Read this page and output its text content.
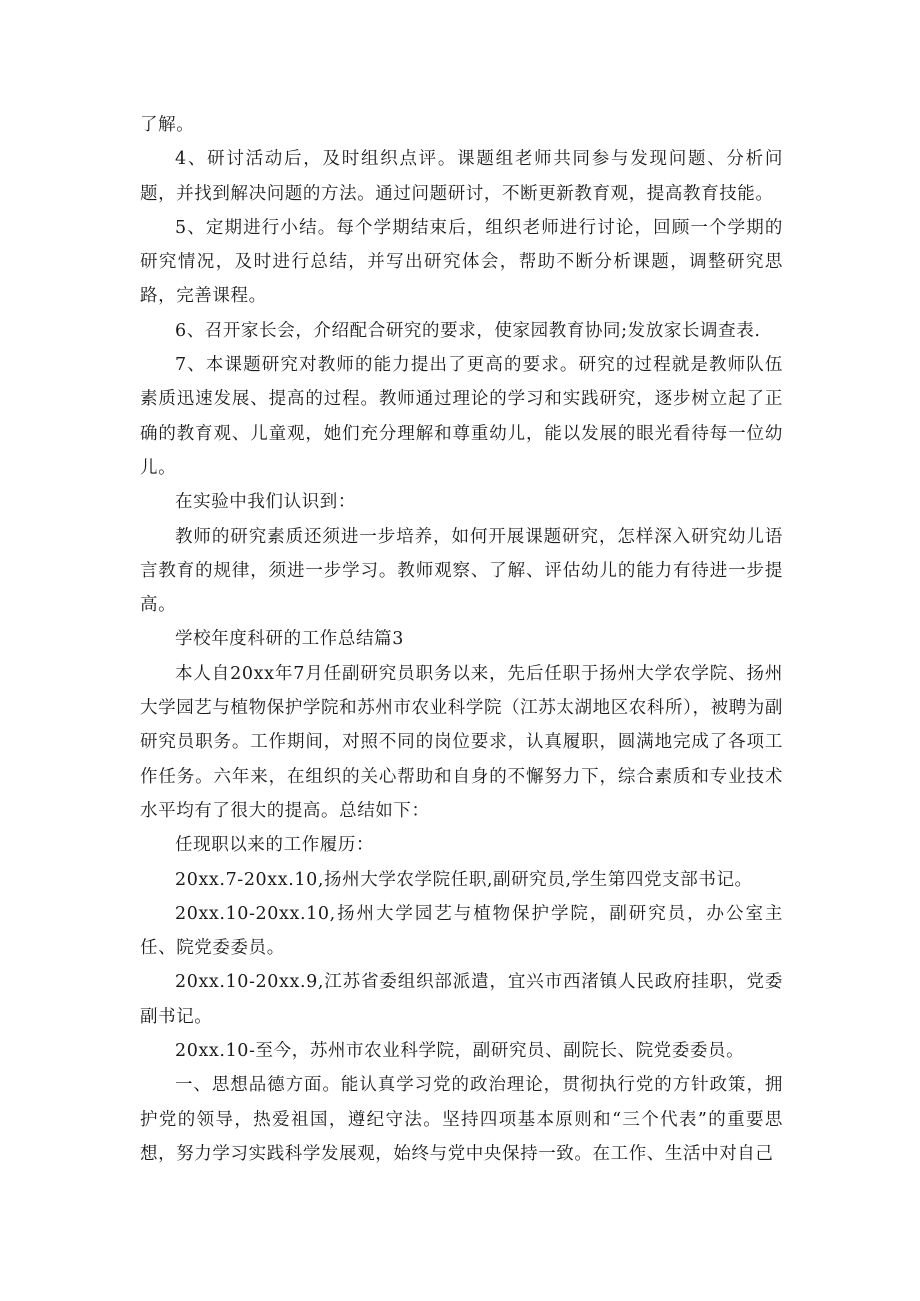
了解。

4、研讨活动后，及时组织点评。课题组老师共同参与发现问题、分析问题，并找到解决问题的方法。通过问题研讨，不断更新教育观，提高教育技能。

5、定期进行小结。每个学期结束后，组织老师进行讨论，回顾一个学期的研究情况，及时进行总结，并写出研究体会，帮助不断分析课题，调整研究思路，完善课程。

6、召开家长会，介绍配合研究的要求，使家园教育协同;发放家长调查表.

7、本课题研究对教师的能力提出了更高的要求。研究的过程就是教师队伍素质迅速发展、提高的过程。教师通过理论的学习和实践研究，逐步树立起了正确的教育观、儿童观，她们充分理解和尊重幼儿，能以发展的眼光看待每一位幼儿。

在实验中我们认识到：

教师的研究素质还须进一步培养，如何开展课题研究，怎样深入研究幼儿语言教育的规律，须进一步学习。教师观察、了解、评估幼儿的能力有待进一步提高。

学校年度科研的工作总结篇3

本人自20xx年7月任副研究员职务以来，先后任职于扬州大学农学院、扬州大学园艺与植物保护学院和苏州市农业科学院（江苏太湖地区农科所），被聘为副研究员职务。工作期间，对照不同的岗位要求，认真履职，圆满地完成了各项工作任务。六年来，在组织的关心帮助和自身的不懈努力下，综合素质和专业技术水平均有了很大的提高。总结如下：

任现职以来的工作履历：

20xx.7-20xx.10,扬州大学农学院任职,副研究员,学生第四党支部书记。

20xx.10-20xx.10,扬州大学园艺与植物保护学院，副研究员，办公室主任、院党委委员。

20xx.10-20xx.9,江苏省委组织部派遣，宜兴市西渚镇人民政府挂职，党委副书记。

20xx.10-至今，苏州市农业科学院，副研究员、副院长、院党委委员。

一、思想品德方面。能认真学习党的政治理论，贯彻执行党的方针政策，拥护党的领导，热爱祖国，遵纪守法。坚持四项基本原则和“三个代表”的重要思想，努力学习实践科学发展观，始终与党中央保持一致。在工作、生活中对自己
